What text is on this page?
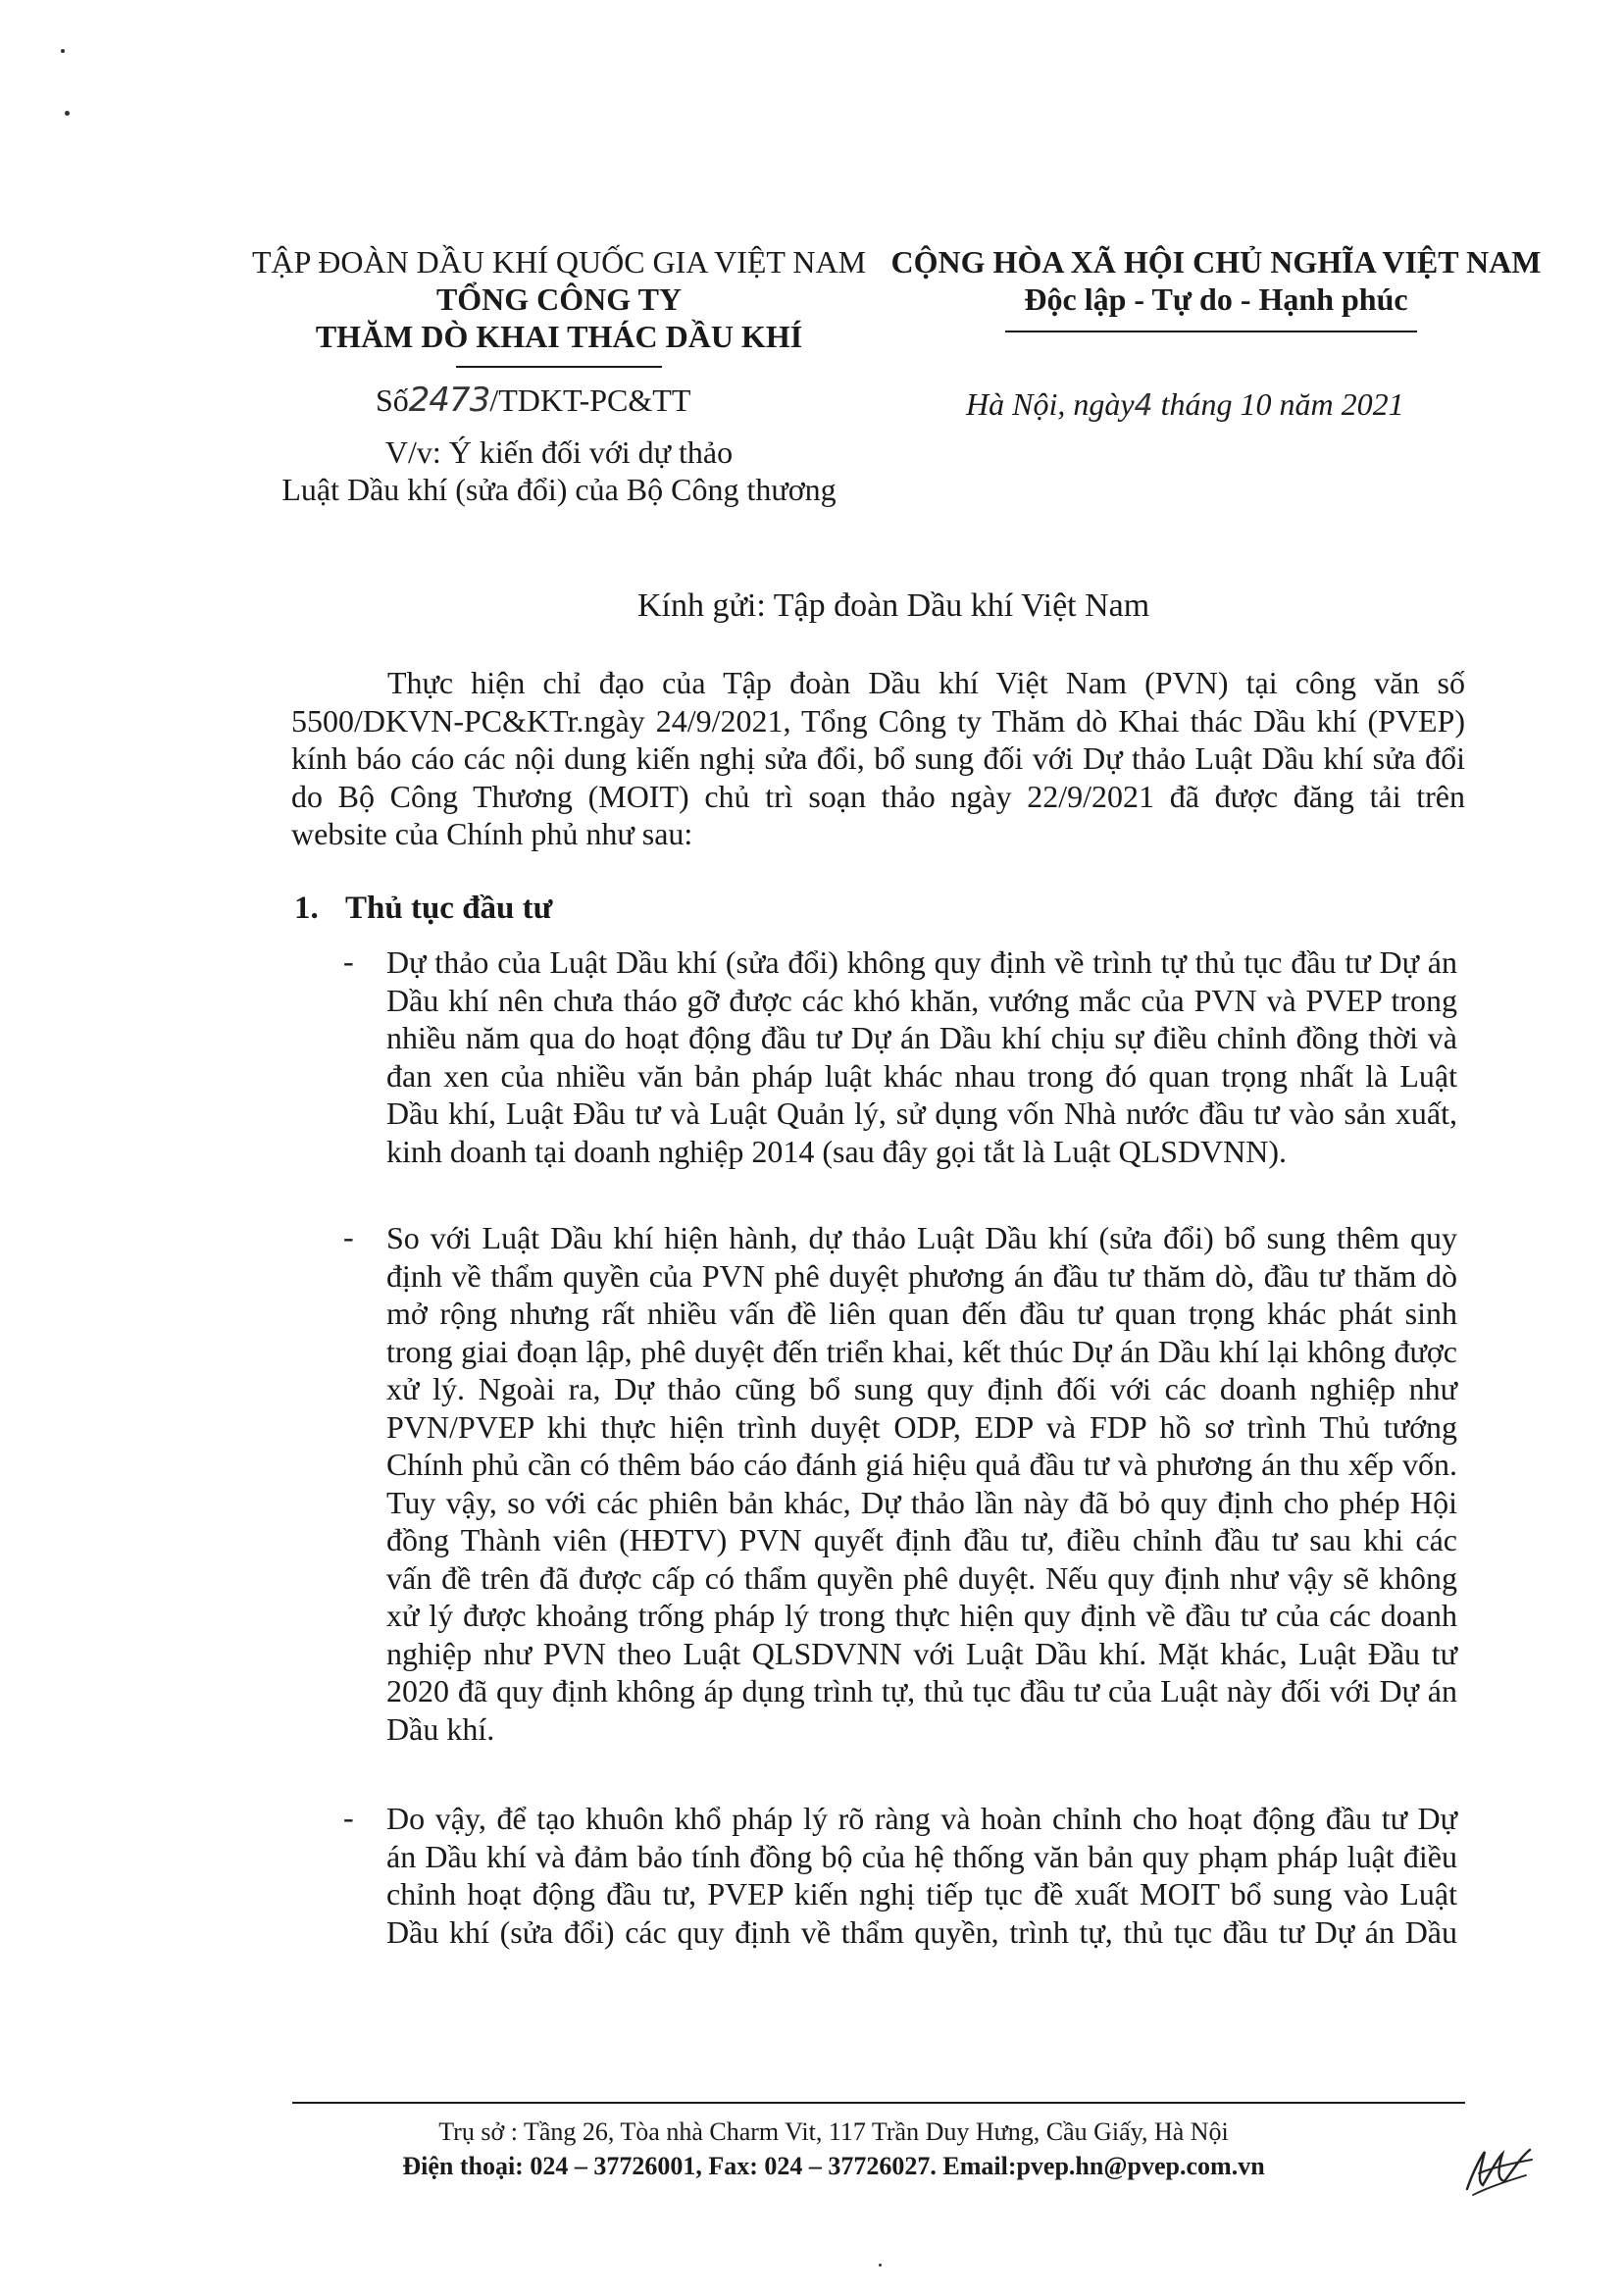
TẬP ĐOÀN DẦU KHÍ QUỐC GIA VIỆT NAM
TỔNG CÔNG TY
THĂM DÒ KHAI THÁC DẦU KHÍ
CỘNG HÒA XÃ HỘI CHỦ NGHĨA VIỆT NAM
Độc lập - Tự do - Hạnh phúc
Số2473/TDKT-PC&TT
V/v: Ý kiến đối với dự thảo
Luật Dầu khí (sửa đổi) của Bộ Công thương
Hà Nội, ngày4 tháng 10 năm 2021
Kính gửi: Tập đoàn Dầu khí Việt Nam
Thực hiện chỉ đạo của Tập đoàn Dầu khí Việt Nam (PVN) tại công văn số
5500/DKVN-PC&KTr.ngày 24/9/2021, Tổng Công ty Thăm dò Khai thác Dầu khí (PVEP)
kính báo cáo các nội dung kiến nghị sửa đổi, bổ sung đối với Dự thảo Luật Dầu khí sửa đổi
do Bộ Công Thương (MOIT) chủ trì soạn thảo ngày 22/9/2021 đã được đăng tải trên
website của Chính phủ như sau:
1. Thủ tục đầu tư
- Dự thảo của Luật Dầu khí (sửa đổi) không quy định về trình tự thủ tục đầu tư Dự án
Dầu khí nên chưa tháo gỡ được các khó khăn, vướng mắc của PVN và PVEP trong
nhiều năm qua do hoạt động đầu tư Dự án Dầu khí chịu sự điều chỉnh đồng thời và
đan xen của nhiều văn bản pháp luật khác nhau trong đó quan trọng nhất là Luật
Dầu khí, Luật Đầu tư và Luật Quản lý, sử dụng vốn Nhà nước đầu tư vào sản xuất,
kinh doanh tại doanh nghiệp 2014 (sau đây gọi tắt là Luật QLSDVNN).
- So với Luật Dầu khí hiện hành, dự thảo Luật Dầu khí (sửa đổi) bổ sung thêm quy
định về thẩm quyền của PVN phê duyệt phương án đầu tư thăm dò, đầu tư thăm dò
mở rộng nhưng rất nhiều vấn đề liên quan đến đầu tư quan trọng khác phát sinh
trong giai đoạn lập, phê duyệt đến triển khai, kết thúc Dự án Dầu khí lại không được
xử lý. Ngoài ra, Dự thảo cũng bổ sung quy định đối với các doanh nghiệp như
PVN/PVEP khi thực hiện trình duyệt ODP, EDP và FDP hồ sơ trình Thủ tướng
Chính phủ cần có thêm báo cáo đánh giá hiệu quả đầu tư và phương án thu xếp vốn.
Tuy vậy, so với các phiên bản khác, Dự thảo lần này đã bỏ quy định cho phép Hội
đồng Thành viên (HĐTV) PVN quyết định đầu tư, điều chỉnh đầu tư sau khi các
vấn đề trên đã được cấp có thẩm quyền phê duyệt. Nếu quy định như vậy sẽ không
xử lý được khoảng trống pháp lý trong thực hiện quy định về đầu tư của các doanh
nghiệp như PVN theo Luật QLSDVNN với Luật Dầu khí. Mặt khác, Luật Đầu tư
2020 đã quy định không áp dụng trình tự, thủ tục đầu tư của Luật này đối với Dự án
Dầu khí.
- Do vậy, để tạo khuôn khổ pháp lý rõ ràng và hoàn chỉnh cho hoạt động đầu tư Dự
án Dầu khí và đảm bảo tính đồng bộ của hệ thống văn bản quy phạm pháp luật điều
chỉnh hoạt động đầu tư, PVEP kiến nghị tiếp tục đề xuất MOIT bổ sung vào Luật
Dầu khí (sửa đổi) các quy định về thẩm quyền, trình tự, thủ tục đầu tư Dự án Dầu
Trụ sở : Tầng 26, Tòa nhà Charm Vit, 117 Trần Duy Hưng, Cầu Giấy, Hà Nội
Điện thoại: 024 – 37726001, Fax: 024 – 37726027. Email:pvep.hn@pvep.com.vn
